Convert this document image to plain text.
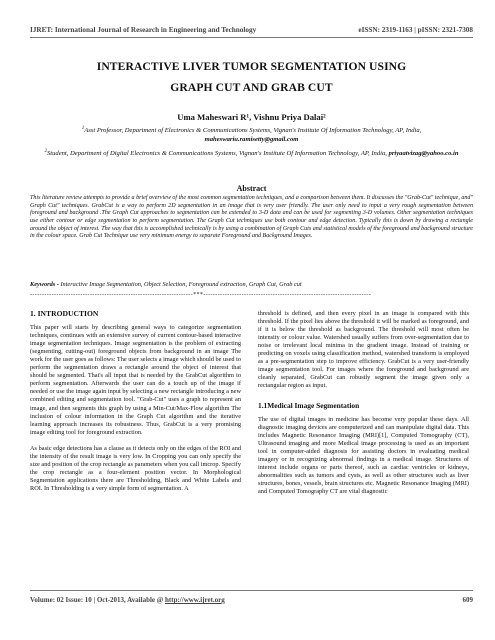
IJRET: International Journal of Research in Engineering and Technology	eISSN: 2319-1163 | pISSN: 2321-7308
INTERACTIVE LIVER TUMOR SEGMENTATION USING
GRAPH CUT AND GRAB CUT
Uma Maheswari R¹, Vishnu Priya Dalai²
$^1$Asst Professor, Department of Electronics & Communications Systems, Vignan's Institute Of Information Technology, AP, India, maheswariu.ramisetty@gmail.com
$^2$Student, Department of Digital Electronics & Communications Systems, Vignan's Institute Of Information Technology, AP, India, priyaatvizag@yahoo.co.in
Abstract

This literature review attempts to provide a brief overview of the most common segmentation techniques, and a comparison between them. It discusses the "Grab-Cut" technique, and" Graph Cut" techniques. GrabCut is a way to perform 2D segmentation in an image that is very user friendly. The user only need to input a very rough segmentation between foreground and background .The Graph Cut approaches to segmentation can be extended to 3-D data and can be used for segmenting 3-D volumes. Other segmentation techniques use either contour or edge segmentation to perform segmentation. The Graph Cut techniques use both contour and edge detection. Typically this is down by drawing a rectangle around the object of interest. The way that this is accomplished technically is by using a combination of Graph Cuts and statistical models of the foreground and background structure in the colour space. Grab Cut Technique use very minimum energy to separate Foreground and Background Images.

Keywords - Interactive Image Segmentation, Object Selection, Foreground extraction, Graph Cut, Grab cut

--------------------------------------------------------------------***----------------------------------------------------------------------
1. INTRODUCTION

This paper will starts by describing general ways to categorize segmentation techniques, continues with an extensive survey of current contour-based interactive image segmentation techniques. Image segmentation is the problem of extracting (segmenting, cutting-out) foreground objects from background in an image The work for the user goes as follows: The user selects a image which should be used to perform the segmentation draws a rectangle around the object of interest that should be segmented. That's all input that is needed by the GrabCut algorithm to perform segmentation. Afterwards the user can do a touch up of the image if needed or use the image again input by selecting a new rectangle introducing a new combined editing and segmentation tool. "Grab-Cut" uses a graph to represent an image, and then segments this graph by using a Min-Cut/Max-Flow algorithm The inclusion of colour information in the Graph Cut algorithm and the iterative learning approach increases its robustness. Thus, GrabCut is a very promising image editing tool for foreground extraction.

As basic edge detections has a clause as it detects only on the edges of the ROI and the intensity of the result image is very low. In Cropping you can only specify the size and position of the crop rectangle as parameters when you call imcrop. Specify the crop rectangle as a four-element position vector. In Morphological Segmentation applications there are Thresholding, Black and White Labels and ROI. In Thresholding is a very simple form of segmentation. A

threshold is defined, and then every pixel in an image is compared with this threshold. If the pixel lies above the threshold it will be marked as foreground, and if it is below the threshold as background. The threshold will most often be intensity or colour value. Watershed usually suffers from over-segmentation due to noise or irrelevant local minima in the gradient image. Instead of training or predicting on voxels using classification method, watershed transform is employed as a pre-segmentation step to improve efficiency. GrabCut is a very user-friendly image segmentation tool. For images where the foreground and background are cleanly separated, GrabCut can robustly segment the image given only a rectangular region as input.

1.1Medical Image Segmentation

The use of digital images in medicine has become very popular these days. All diagnostic imaging devices are computerized and can manipulate digital data. This includes Magnetic Resonance Imaging (MRI)[1], Computed Tomography (CT), Ultrasound imaging and more Medical image processing is used as an important tool in computer-aided diagnosis for assisting doctors in evaluating medical imagery or in recognizing abnormal findings in a medical image. Structures of interest include organs or parts thereof, such as cardiac ventricles or kidneys, abnormalities such as tumors and cysts, as well as other structures such as liver structures, bones, vessels, brain structures etc. Magnetic Resonance Imaging (MRI) and Computed Tomography CT are vital diagnostic

Volume: 02 Issue: 10 | Oct-2013, Available @ http://www.ijret.org	609
